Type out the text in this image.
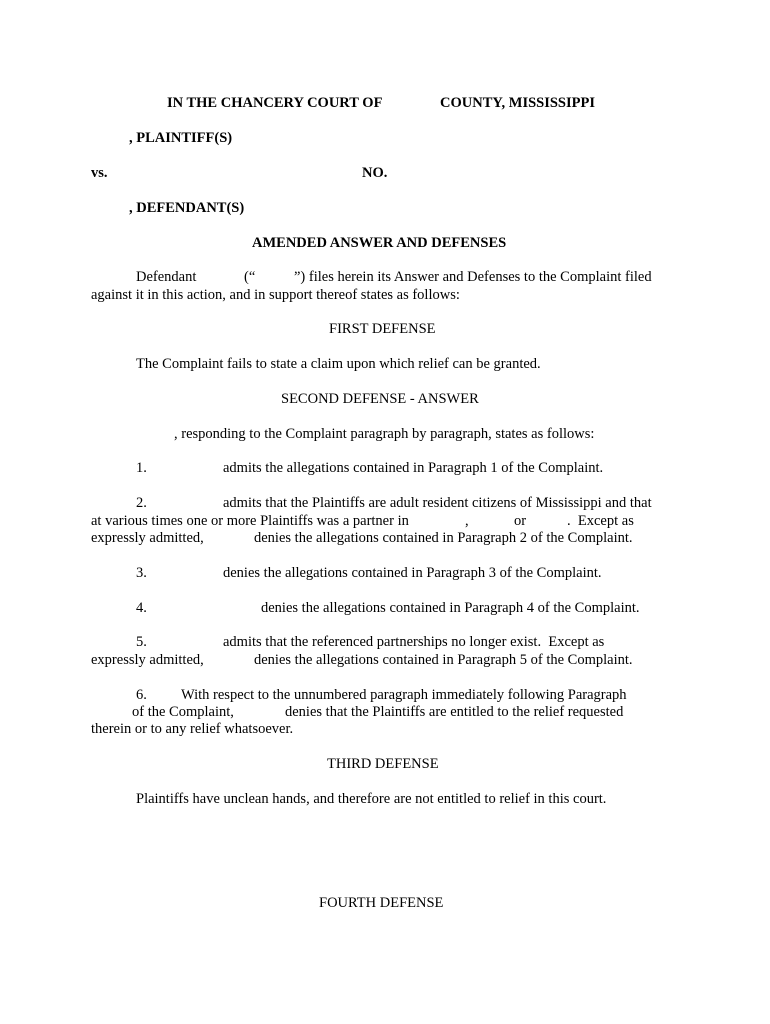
IN THE CHANCERY COURT OF	COUNTY, MISSISSIPPI
, PLAINTIFF(S)
vs.	NO.
, DEFENDANT(S)
AMENDED ANSWER AND DEFENSES
Defendant	(“	”) files herein its Answer and Defenses to the Complaint filed
against it in this action, and in support thereof states as follows:
FIRST DEFENSE
The Complaint fails to state a claim upon which relief can be granted.
SECOND DEFENSE - ANSWER
, responding to the Complaint paragraph by paragraph, states as follows:
1.	admits the allegations contained in Paragraph 1 of the Complaint.
2.	admits that the Plaintiffs are adult resident citizens of Mississippi and that
at various times one or more Plaintiffs was a partner in	,	or	.  Except as
expressly admitted,	denies the allegations contained in Paragraph 2 of the Complaint.
3.	denies the allegations contained in Paragraph 3 of the Complaint.
4.	denies the allegations contained in Paragraph 4 of the Complaint.
5.	admits that the referenced partnerships no longer exist.  Except as
expressly admitted,	denies the allegations contained in Paragraph 5 of the Complaint.
6. With respect to the unnumbered paragraph immediately following Paragraph
of the Complaint,	denies that the Plaintiffs are entitled to the relief requested
therein or to any relief whatsoever.
THIRD DEFENSE
Plaintiffs have unclean hands, and therefore are not entitled to relief in this court.
FOURTH DEFENSE
